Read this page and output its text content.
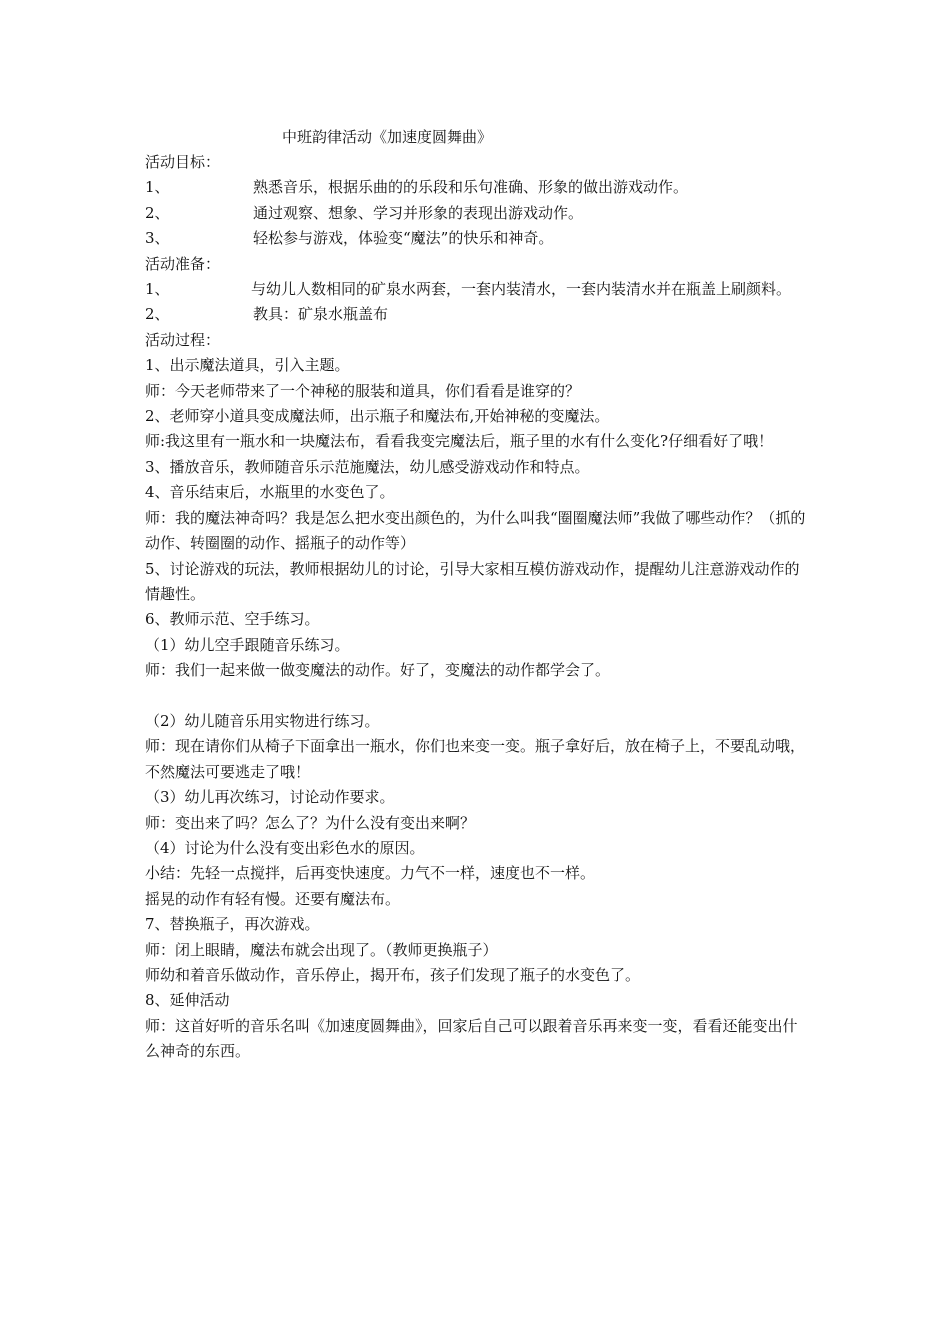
中班韵律活动《加速度圆舞曲》

活动目标：

1、	熟悉音乐，根据乐曲的的乐段和乐句准确、形象的做出游戏动作。

2、	通过观察、想象、学习并形象的表现出游戏动作。

3、	轻松参与游戏，体验变“魔法”的快乐和神奇。

活动准备：

1、	与幼儿人数相同的矿泉水两套，一套内装清水，一套内装清水并在瓶盖上刷颜料。

2、	教具：矿泉水瓶盖布

活动过程：

1、出示魔法道具，引入主题。

师：今天老师带来了一个神秘的服装和道具，你们看看是谁穿的？

2、老师穿小道具变成魔法师，出示瓶子和魔法布,开始神秘的变魔法。

师:我这里有一瓶水和一块魔法布，看看我变完魔法后，瓶子里的水有什么变化?仔细看好了哦！

3、播放音乐，教师随音乐示范施魔法，幼儿感受游戏动作和特点。

4、音乐结束后，水瓶里的水变色了。

师：我的魔法神奇吗？我是怎么把水变出颜色的，为什么叫我“圈圈魔法师”我做了哪些动作？（抓的动作、转圈圈的动作、摇瓶子的动作等）

5、讨论游戏的玩法，教师根据幼儿的讨论，引导大家相互模仿游戏动作，提醒幼儿注意游戏动作的情趣性。

6、教师示范、空手练习。

（1）幼儿空手跟随音乐练习。

师：我们一起来做一做变魔法的动作。好了，变魔法的动作都学会了。

（2）幼儿随音乐用实物进行练习。

师：现在请你们从椅子下面拿出一瓶水，你们也来变一变。瓶子拿好后，放在椅子上，不要乱动哦，不然魔法可要逃走了哦！

（3）幼儿再次练习，讨论动作要求。

师：变出来了吗？怎么了？为什么没有变出来啊？

（4）讨论为什么没有变出彩色水的原因。

小结：先轻一点搅拌，后再变快速度。力气不一样，速度也不一样。

摇晃的动作有轻有慢。还要有魔法布。

7、替换瓶子，再次游戏。

师：闭上眼睛，魔法布就会出现了。（教师更换瓶子）

师幼和着音乐做动作，音乐停止，揭开布，孩子们发现了瓶子的水变色了。

8、延伸活动

师：这首好听的音乐名叫《加速度圆舞曲》，回家后自己可以跟着音乐再来变一变，看看还能变出什么神奇的东西。
